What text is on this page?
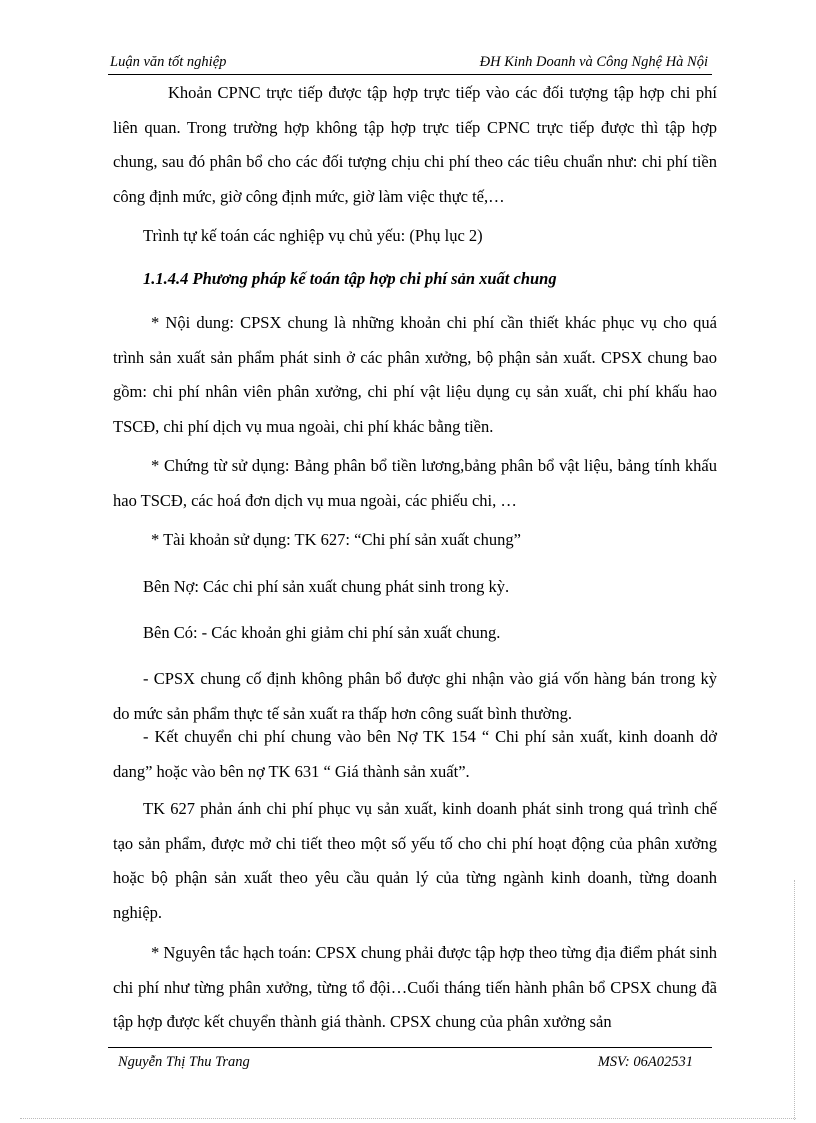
Luận văn tốt nghiệp	ĐH Kinh Doanh và Công Nghệ Hà Nội

Khoản CPNC trực tiếp được tập hợp trực tiếp vào các đối tượng tập hợp chi phí liên quan. Trong trường hợp không tập hợp trực tiếp CPNC trực tiếp được thì tập hợp chung, sau đó phân bổ cho các đối tượng chịu chi phí theo các tiêu chuẩn như: chi phí tiền công định mức, giờ công định mức, giờ làm việc thực tế,…

Trình tự kế toán các nghiệp vụ chủ yếu: (Phụ lục 2)

1.1.4.4 Phương pháp kế toán tập hợp chi phí sản xuất chung

* Nội dung: CPSX chung là những khoản chi phí cần thiết khác phục vụ cho quá trình sản xuất sản phẩm phát sinh ở các phân xưởng, bộ phận sản xuất. CPSX chung bao gồm: chi phí nhân viên phân xưởng, chi phí vật liệu dụng cụ sản xuất, chi phí khấu hao TSCĐ, chi phí dịch vụ mua ngoài, chi phí khác bằng tiền.

* Chứng từ sử dụng: Bảng phân bổ tiền lương,bảng phân bổ vật liệu, bảng tính khấu hao TSCĐ, các hoá đơn dịch vụ mua ngoài, các phiếu chi, …

* Tài khoản sử dụng: TK 627: “Chi phí sản xuất chung”

Bên Nợ: Các chi phí sản xuất chung phát sinh trong kỳ.

Bên Có: - Các khoản ghi giảm chi phí sản xuất chung.

- CPSX chung cố định không phân bổ được ghi nhận vào giá vốn hàng bán trong kỳ do mức sản phẩm thực tế sản xuất ra thấp hơn công suất bình thường.

- Kết chuyển chi phí chung vào bên Nợ TK 154 “ Chi phí sản xuất, kinh doanh dở dang” hoặc vào bên nợ TK 631 “ Giá thành sản xuất”.

TK 627 phản ánh chi phí phục vụ sản xuất, kinh doanh phát sinh trong quá trình chế tạo sản phẩm, được mở chi tiết theo một số yếu tố cho chi phí hoạt động của phân xưởng hoặc bộ phận sản xuất theo yêu cầu quản lý của từng ngành kinh doanh, từng doanh nghiệp.

* Nguyên tắc hạch toán: CPSX chung phải được tập hợp theo từng địa điểm phát sinh chi phí như từng phân xưởng, từng tổ đội…Cuối tháng tiến hành phân bổ CPSX chung đã tập hợp được kết chuyển thành giá thành. CPSX chung của phân xưởng sản

Nguyễn Thị Thu Trang	MSV: 06A02531
